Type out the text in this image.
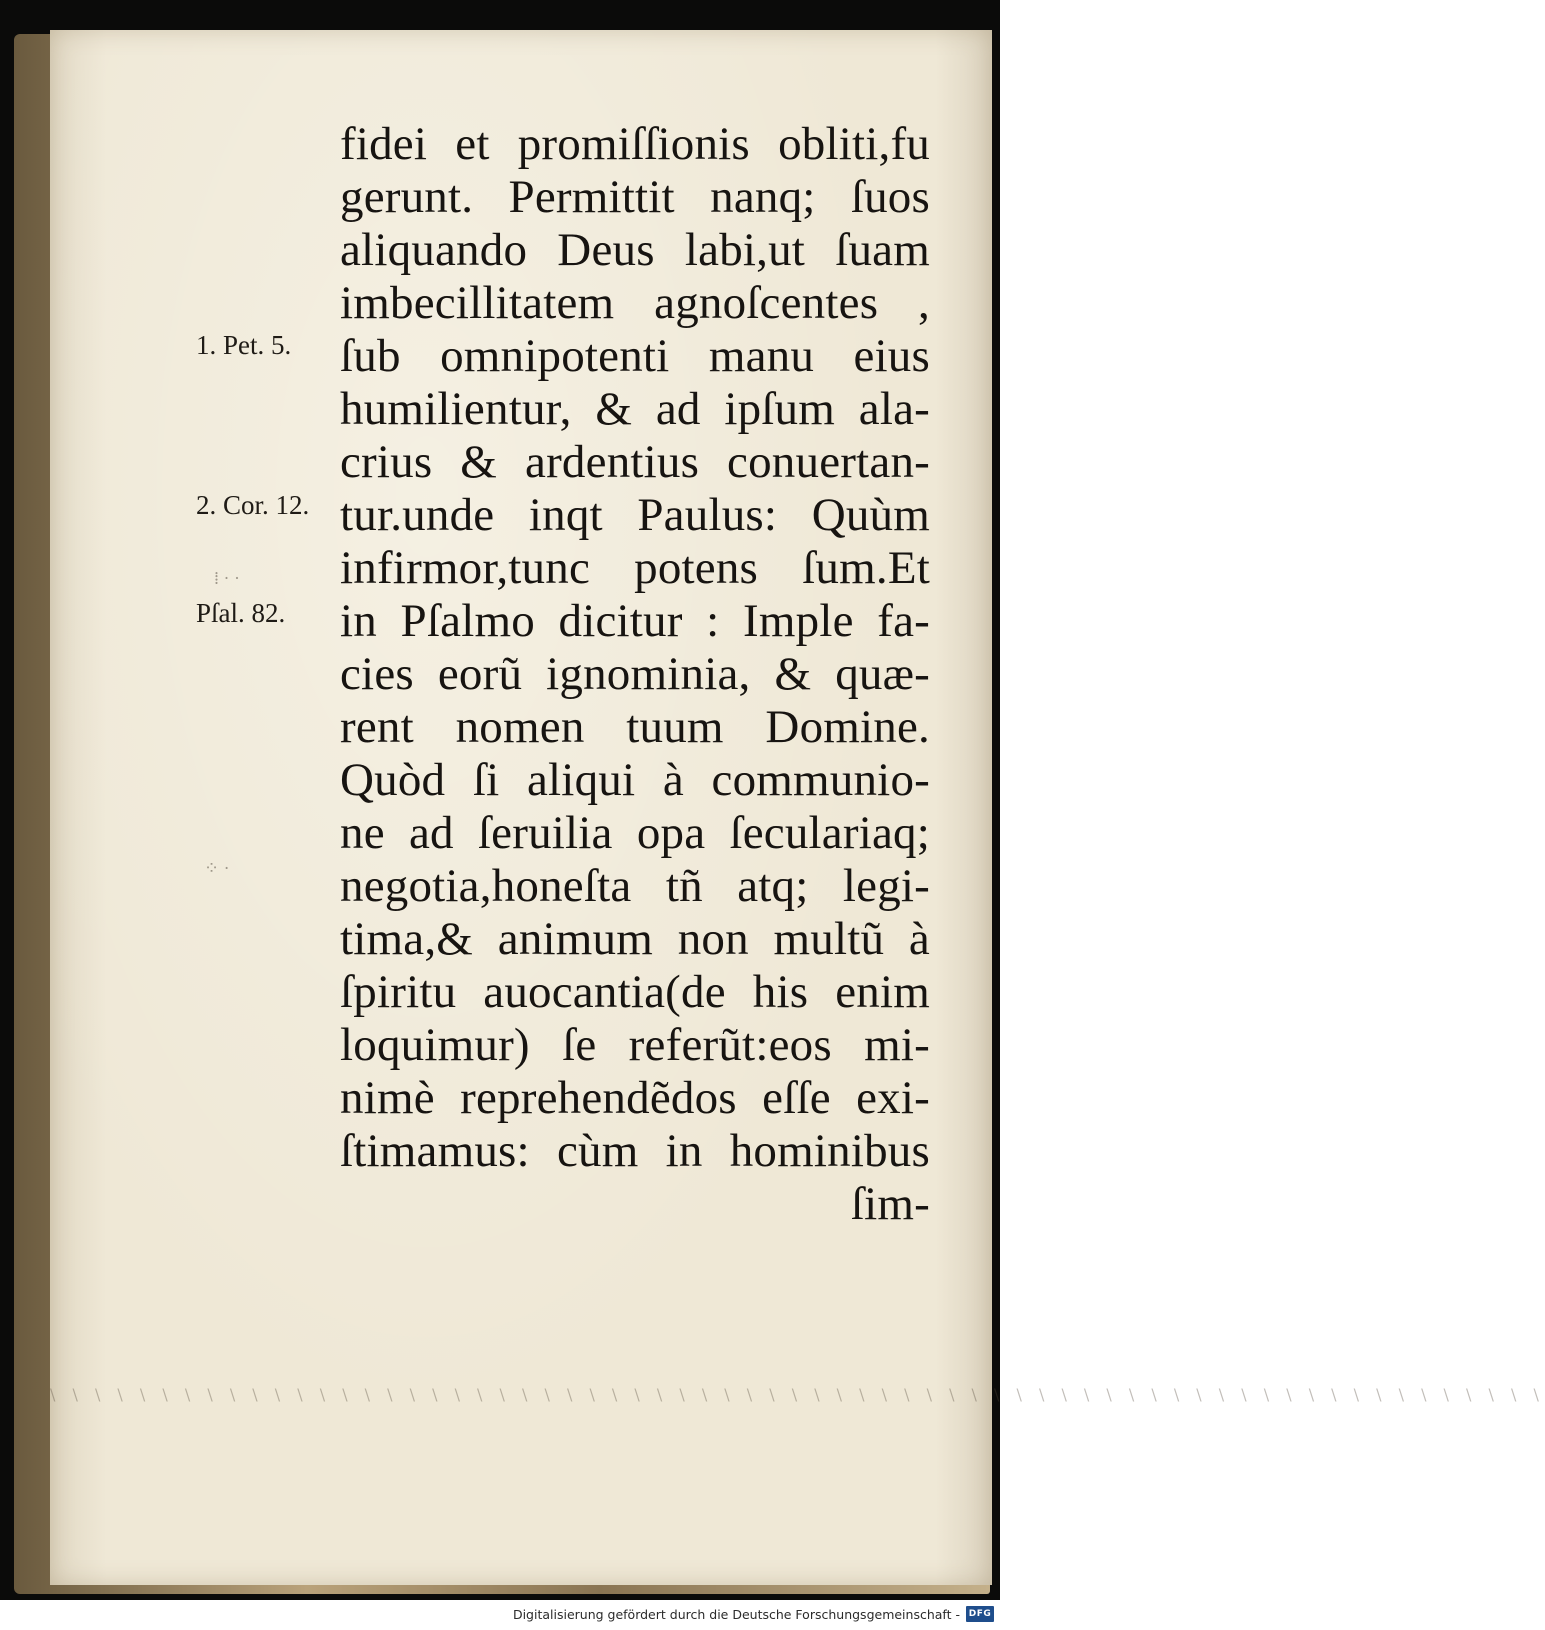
\ \ \ \ \ \ \ \ \ \ \ \ \ \ \ \ \ \ \ \ \ \ \ \ \ \ \ \ \ \ \ \ \ \ \ \ \ \ \ \ \ \ \ \ \ \ \ \ \ \ \ \ \ \ \ \ \ \ \ \ \ \ \ \ \ \ \
1. Pet. 5.
2. Cor. 12.
Pſal. 82.
⁞ · ·
⁘ ·
fidei et promiſſionis obliti,fu
gerunt. Permittit nanq; ſuos
aliquando Deus labi,ut ſuam
imbecillitatem agnoſcentes ,
ſub omnipotenti manu eius
humilientur, & ad ipſum ala-
crius & ardentius conuertan-
tur.unde inqt Paulus: Quùm
infirmor,tunc potens ſum.Et
in Pſalmo dicitur : Imple fa-
cies eorũ ignominia, & quæ-
rent nomen tuum Domine.
Quòd ſi aliqui à communio-
ne ad ſeruilia opa ſeculariaq;
negotia,honeſta tñ atq; legi-
tima,& animum non multũ à
ſpiritu auocantia(de his enim
loquimur) ſe referũt:eos mi-
nimè reprehendẽdos eſſe exi-
ſtimamus: cùm in hominibus
ſim-
Digitalisierung gefördert durch die Deutsche Forschungsgemeinschaft - DFG
